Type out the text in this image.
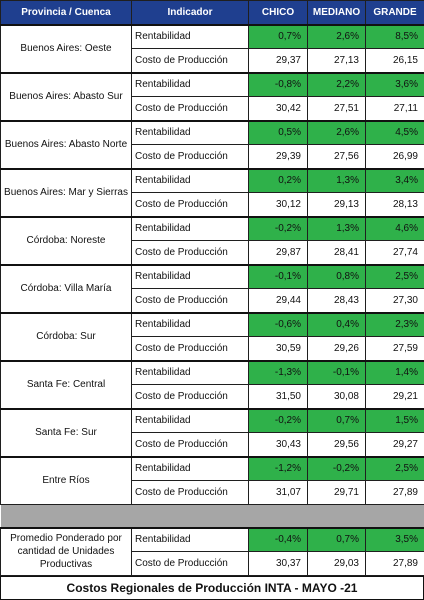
Provincia / Cuenca	Indicador	CHICO	MEDIANO	GRANDE
Buenos Aires: Oeste	Rentabilidad	0,7%	2,6%	8,5%
	Costo de Producción	29,37	27,13	26,15
Buenos Aires: Abasto Sur	Rentabilidad	-0,8%	2,2%	3,6%
	Costo de Producción	30,42	27,51	27,11
Buenos Aires: Abasto Norte	Rentabilidad	0,5%	2,6%	4,5%
	Costo de Producción	29,39	27,56	26,99
Buenos Aires: Mar y Sierras	Rentabilidad	0,2%	1,3%	3,4%
	Costo de Producción	30,12	29,13	28,13
Córdoba: Noreste	Rentabilidad	-0,2%	1,3%	4,6%
	Costo de Producción	29,87	28,41	27,74
Córdoba: Villa María	Rentabilidad	-0,1%	0,8%	2,5%
	Costo de Producción	29,44	28,43	27,30
Córdoba: Sur	Rentabilidad	-0,6%	0,4%	2,3%
	Costo de Producción	30,59	29,26	27,59
Santa Fe: Central	Rentabilidad	-1,3%	-0,1%	1,4%
	Costo de Producción	31,50	30,08	29,21
Santa Fe: Sur	Rentabilidad	-0,2%	0,7%	1,5%
	Costo de Producción	30,43	29,56	29,27
Entre Ríos	Rentabilidad	-1,2%	-0,2%	2,5%
	Costo de Producción	31,07	29,71	27,89

Promedio Ponderado por cantidad de Unidades Productivas	Rentabilidad	-0,4%	0,7%	3,5%
	Costo de Producción	30,37	29,03	27,89
Costos Regionales de Producción INTA - MAYO -21
